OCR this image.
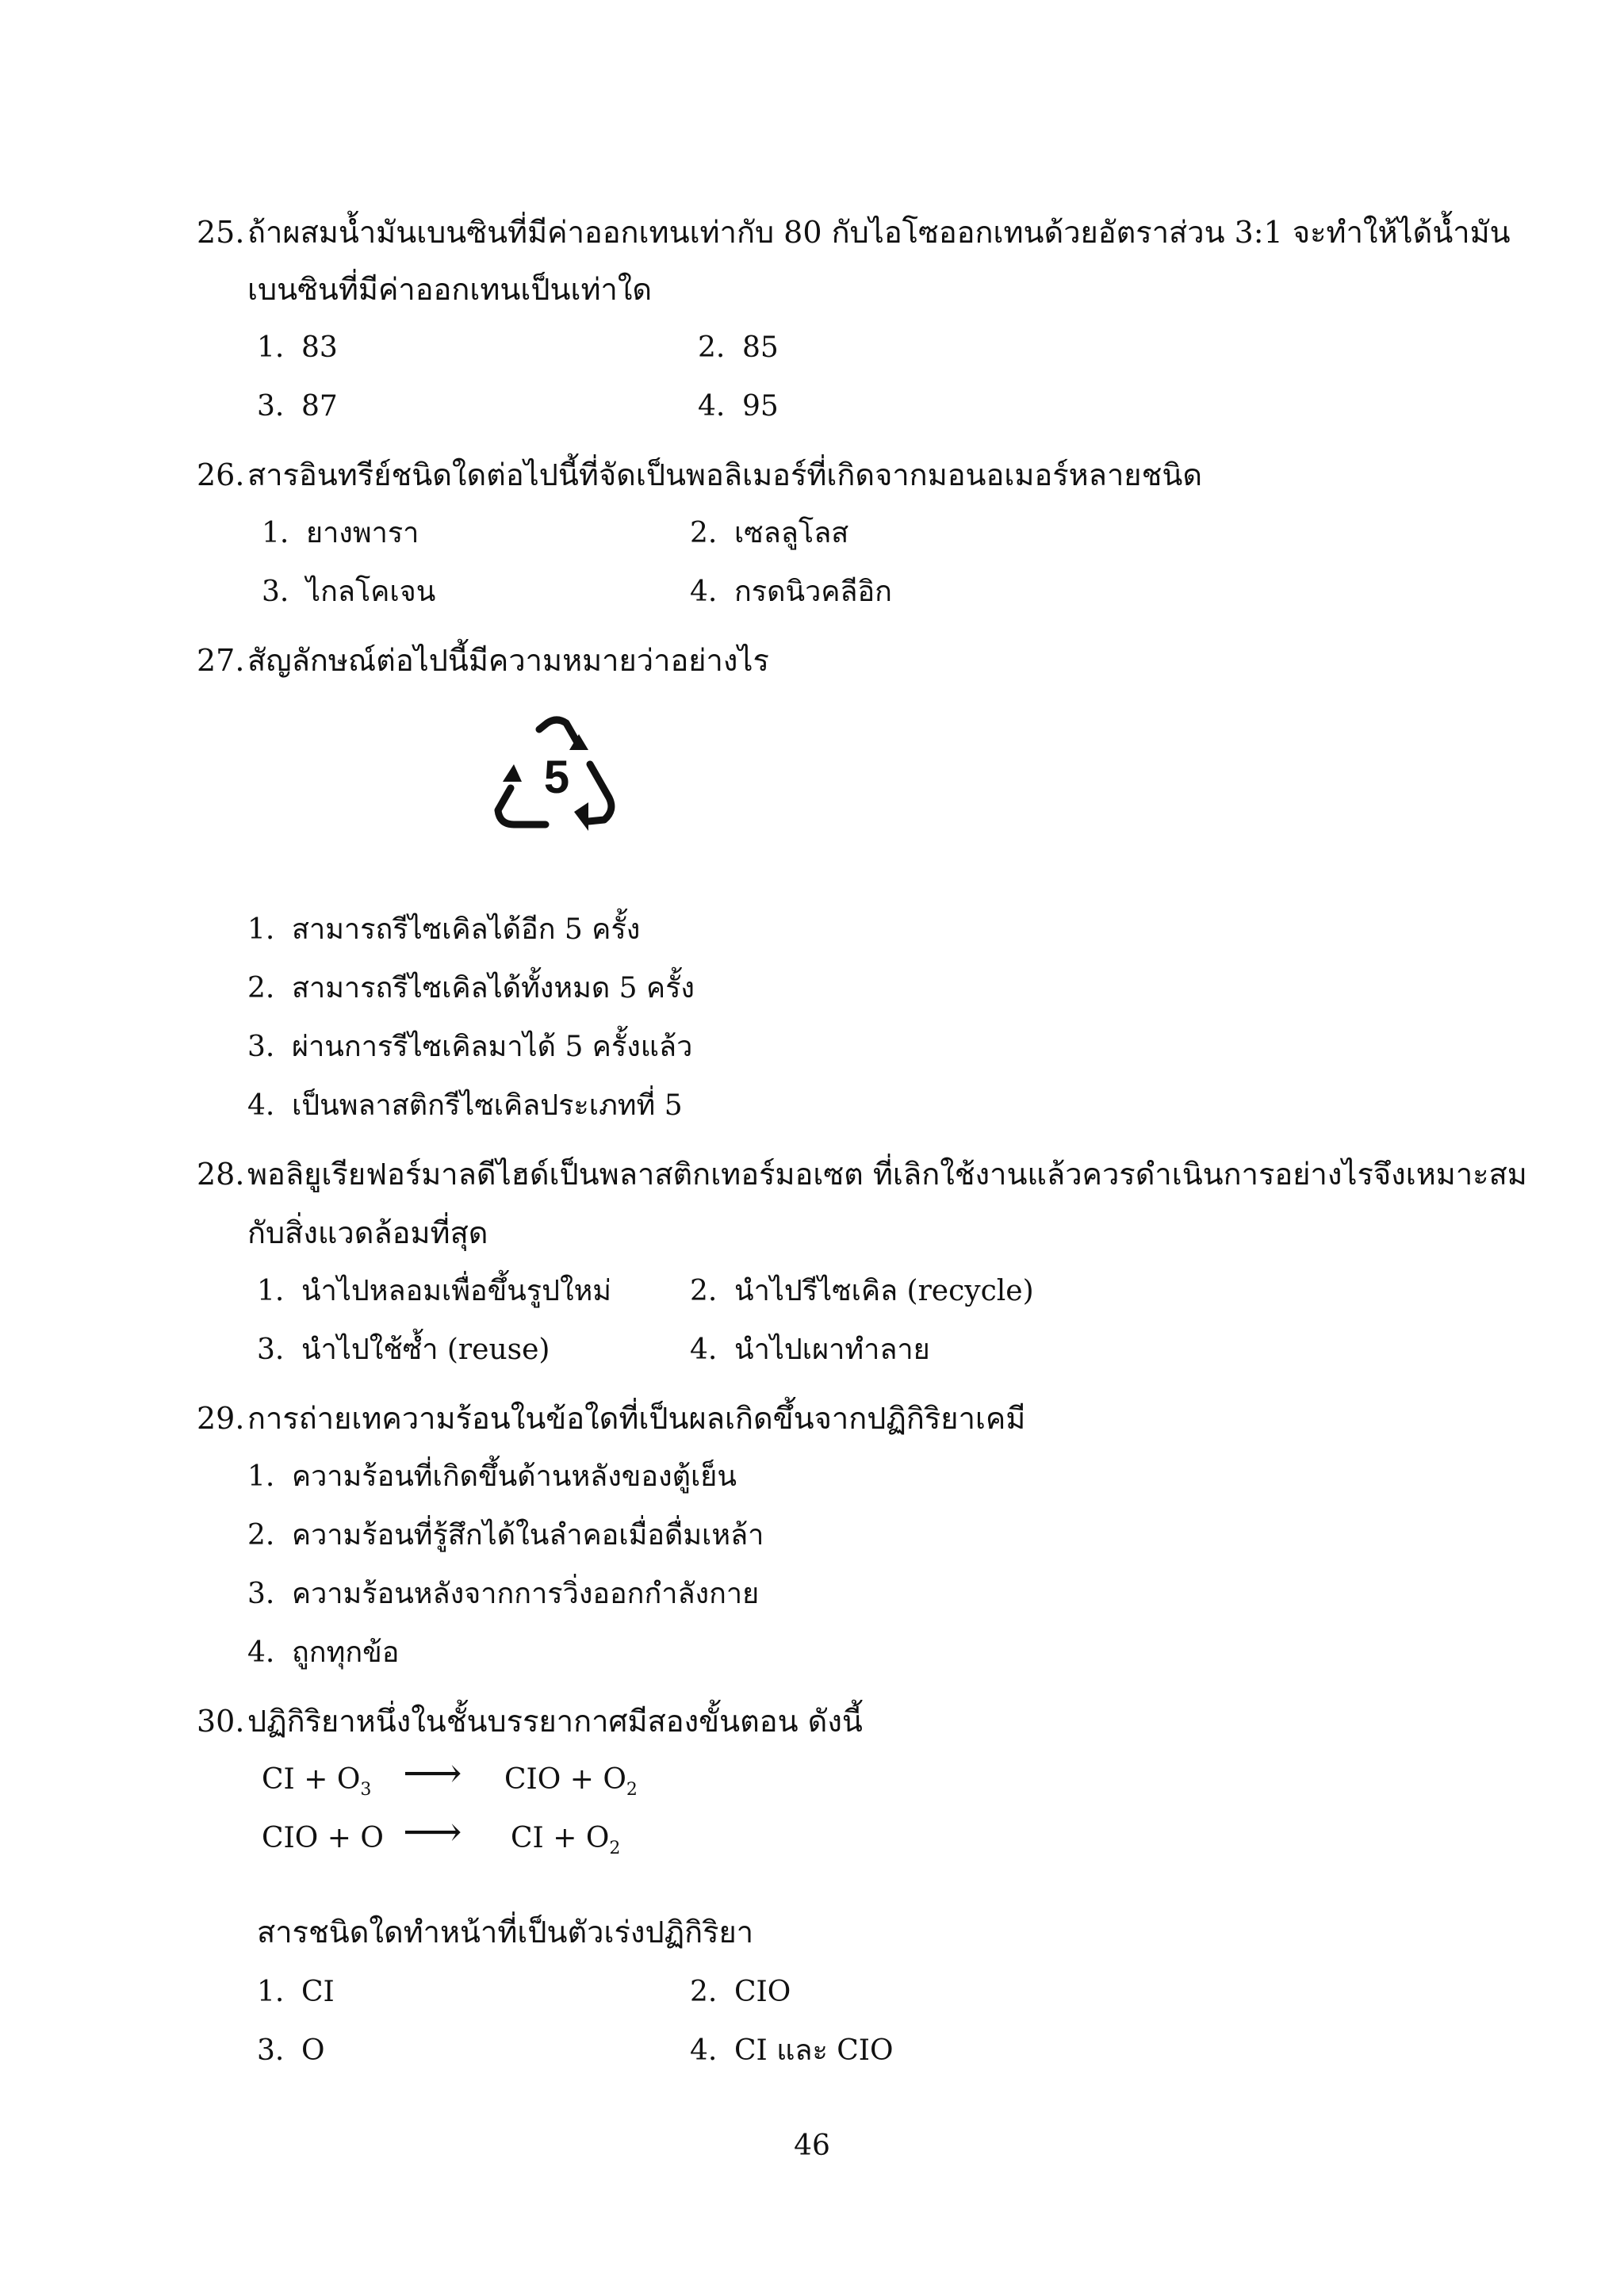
25. ถ้าผสมน้ำมันเบนซินที่มีค่าออกเทนเท่ากับ 80 กับไอโซออกเทนด้วยอัตราส่วน 3:1 จะทำให้ได้น้ำมัน
เบนซินที่มีค่าออกเทนเป็นเท่าใด
1. 83	2. 85
3. 87	4. 95
26. สารอินทรีย์ชนิดใดต่อไปนี้ที่จัดเป็นพอลิเมอร์ที่เกิดจากมอนอเมอร์หลายชนิด
1. ยางพารา	2. เซลลูโลส
3. ไกลโคเจน	4. กรดนิวคลีอิก
27. สัญลักษณ์ต่อไปนี้มีความหมายว่าอย่างไร
5
1. สามารถรีไซเคิลได้อีก 5 ครั้ง
2. สามารถรีไซเคิลได้ทั้งหมด 5 ครั้ง
3. ผ่านการรีไซเคิลมาได้ 5 ครั้งแล้ว
4. เป็นพลาสติกรีไซเคิลประเภทที่ 5
28. พอลิยูเรียฟอร์มาลดีไฮด์เป็นพลาสติกเทอร์มอเซต ที่เลิกใช้งานแล้วควรดำเนินการอย่างไรจึงเหมาะสม
กับสิ่งแวดล้อมที่สุด
1. นำไปหลอมเพื่อขึ้นรูปใหม่	2. นำไปรีไซเคิล (recycle)
3. นำไปใช้ซ้ำ (reuse)	4. นำไปเผาทำลาย
29. การถ่ายเทความร้อนในข้อใดที่เป็นผลเกิดขึ้นจากปฏิกิริยาเคมี
1. ความร้อนที่เกิดขึ้นด้านหลังของตู้เย็น
2. ความร้อนที่รู้สึกได้ในลำคอเมื่อดื่มเหล้า
3. ความร้อนหลังจากการวิ่งออกกำลังกาย
4. ถูกทุกข้อ
30. ปฏิกิริยาหนึ่งในชั้นบรรยากาศมีสองขั้นตอน ดังนี้
CI + $O_3$ ⟶ CIO + $O_2$
CIO + O ⟶ CI + $O_2$
สารชนิดใดทำหน้าที่เป็นตัวเร่งปฏิกิริยา
1. CI	2. CIO
3. O	4. CI และ CIO
46
